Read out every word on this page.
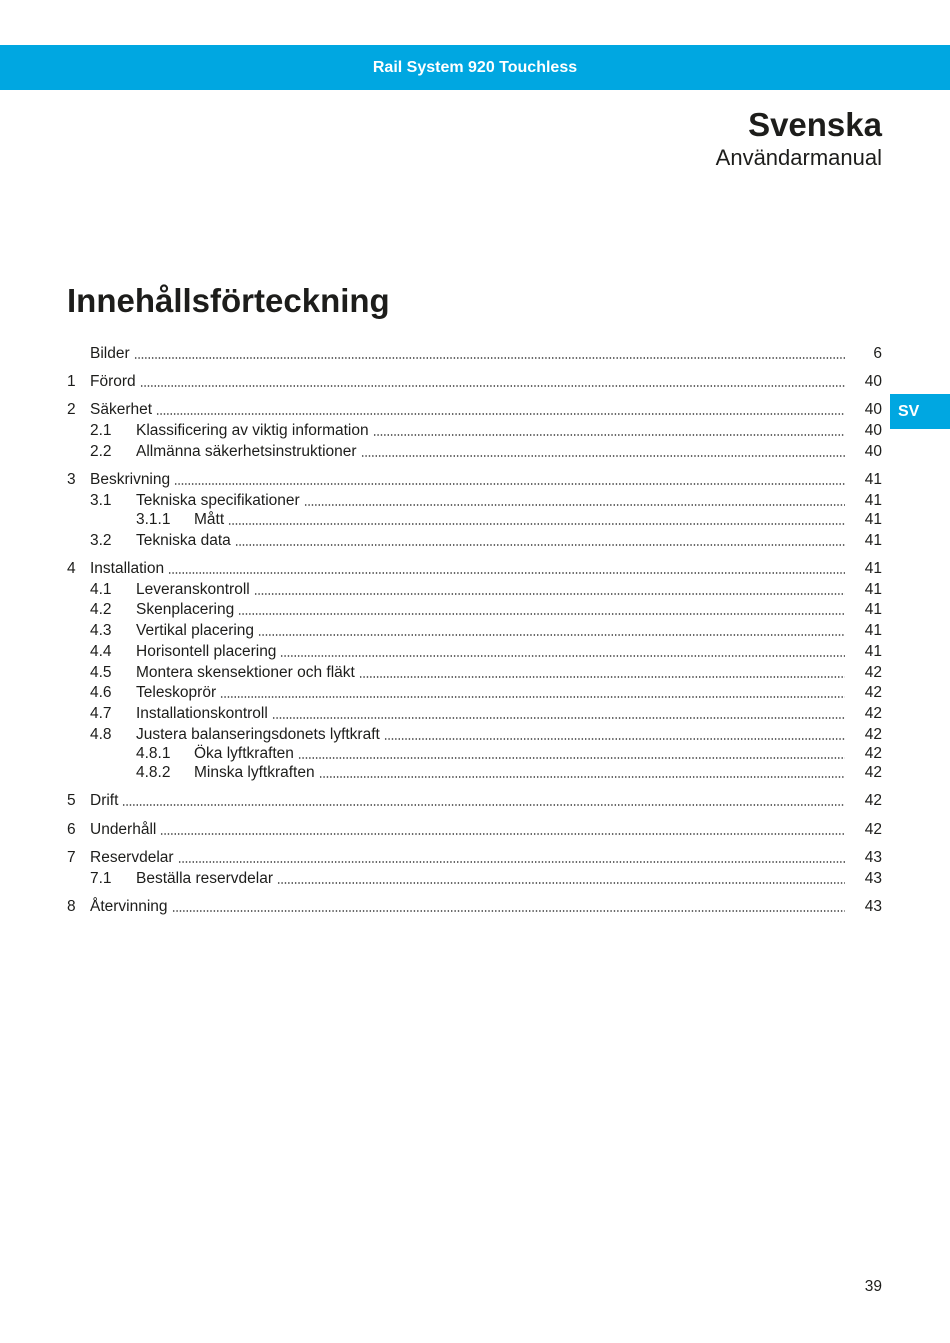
Rail System 920 Touchless
Svenska
Användarmanual
Innehållsförteckning
SV
Bilder	6
1 Förord	40
2 Säkerhet	40
2.1 Klassificering av viktig information	40
2.2 Allmänna säkerhetsinstruktioner	40
3 Beskrivning	41
3.1 Tekniska specifikationer	41
3.1.1 Mått	41
3.2 Tekniska data	41
4 Installation	41
4.1 Leveranskontroll	41
4.2 Skenplacering	41
4.3 Vertikal placering	41
4.4 Horisontell placering	41
4.5 Montera skensektioner och fläkt	42
4.6 Teleskoprör	42
4.7 Installationskontroll	42
4.8 Justera balanseringsdonets lyftkraft	42
4.8.1 Öka lyftkraften	42
4.8.2 Minska lyftkraften	42
5 Drift	42
6 Underhåll	42
7 Reservdelar	43
7.1 Beställa reservdelar	43
8 Återvinning	43
39
